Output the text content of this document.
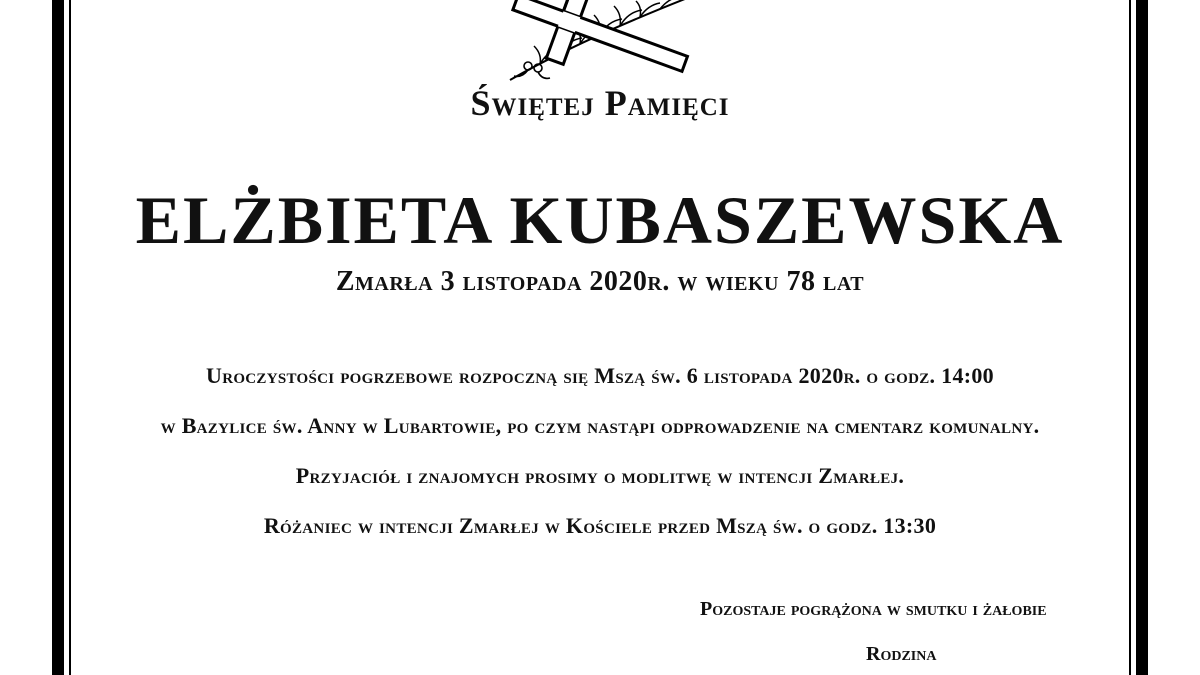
Świętej Pamięci
ELŻBIETA KUBASZEWSKA
Zmarła 3 listopada 2020r. w wieku 78 lat
Uroczystości pogrzebowe rozpoczną się Mszą św. 6 listopada 2020r. o godz. 14:00
w Bazylice św. Anny w Lubartowie, po czym nastąpi odprowadzenie na cmentarz komunalny.
Przyjaciół i znajomych prosimy o modlitwę w intencji Zmarłej.
Różaniec w intencji Zmarłej w Kościele przed Mszą św. o godz. 13:30
Pozostaje pogrążona w smutku i żałobie
Rodzina
